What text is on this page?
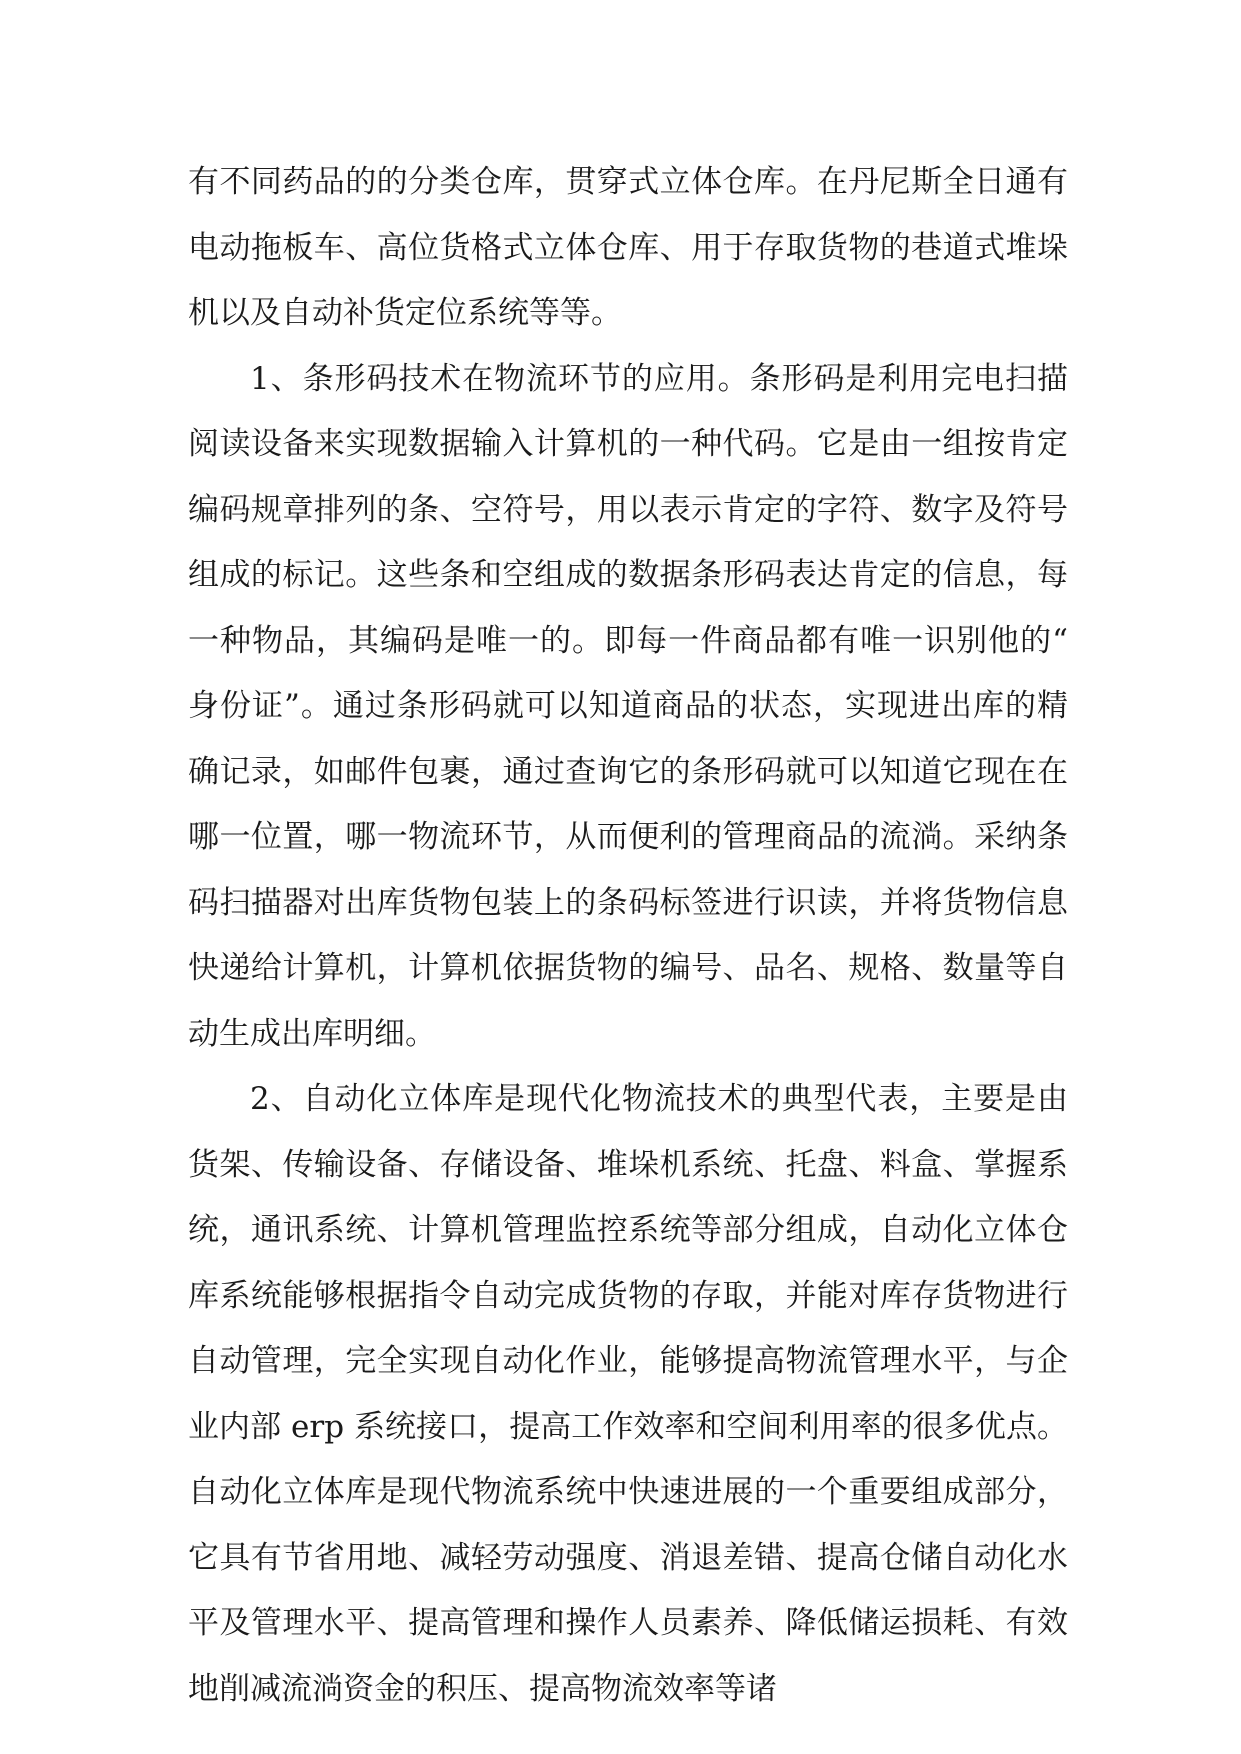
有不同药品的的分类仓库，贯穿式立体仓库。在丹尼斯全日通有电动拖板车、高位货格式立体仓库、用于存取货物的巷道式堆垛机以及自动补货定位系统等等。

1、条形码技术在物流环节的应用。条形码是利用完电扫描阅读设备来实现数据输入计算机的一种代码。它是由一组按肯定编码规章排列的条、空符号，用以表示肯定的字符、数字及符号组成的标记。这些条和空组成的数据条形码表达肯定的信息，每一种物品，其编码是唯一的。即每一件商品都有唯一识别他的“身份证”。通过条形码就可以知道商品的状态，实现进出库的精确记录，如邮件包裹，通过查询它的条形码就可以知道它现在在哪一位置，哪一物流环节，从而便利的管理商品的流淌。采纳条码扫描器对出库货物包装上的条码标签进行识读，并将货物信息快递给计算机，计算机依据货物的编号、品名、规格、数量等自动生成出库明细。

2、自动化立体库是现代化物流技术的典型代表，主要是由货架、传输设备、存储设备、堆垛机系统、托盘、料盒、掌握系统，通讯系统、计算机管理监控系统等部分组成，自动化立体仓库系统能够根据指令自动完成货物的存取，并能对库存货物进行自动管理，完全实现自动化作业，能够提高物流管理水平，与企业内部 erp 系统接口，提高工作效率和空间利用率的很多优点。自动化立体库是现代物流系统中快速进展的一个重要组成部分，它具有节省用地、减轻劳动强度、消退差错、提高仓储自动化水平及管理水平、提高管理和操作人员素养、降低储运损耗、有效地削减流淌资金的积压、提高物流效率等诸
